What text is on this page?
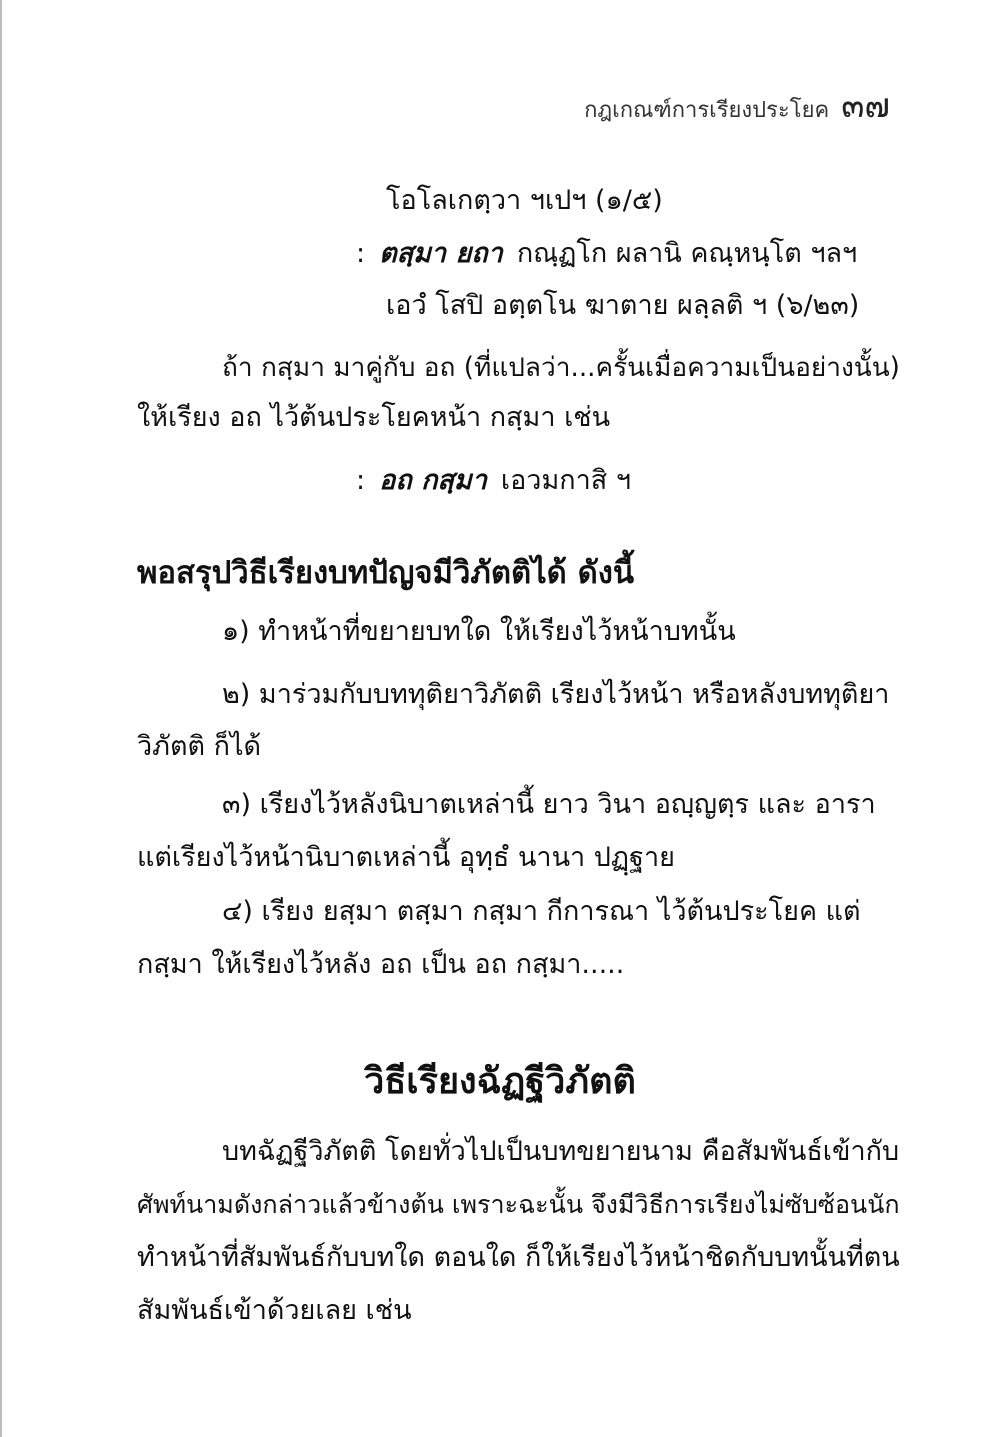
กฎเกณฑ์การเรียงประโยค ๓๗
โอโลเกตฺวา ฯเปฯ (๑/๕)
: ตสฺมา ยถา กณฺฏโก ผลานิ คณฺหนฺโต ฯลฯ
เอวํ โสปิ อตฺตโน ฆาตาย ผลฺลติ ฯ (๖/๒๓)
ถ้า กสฺมา มาคู่กับ อถ (ที่แปลว่า...ครั้นเมื่อความเป็นอย่างนั้น)
ให้เรียง อถ ไว้ต้นประโยคหน้า กสฺมา เช่น
: อถ กสฺมา เอวมกาสิ ฯ
พอสรุปวิธีเรียงบทปัญจมีวิภัตติได้ ดังนี้
๑) ทำหน้าที่ขยายบทใด ให้เรียงไว้หน้าบทนั้น
๒) มาร่วมกับบททุติยาวิภัตติ เรียงไว้หน้า หรือหลังบททุติยา
วิภัตติ ก็ได้
๓) เรียงไว้หลังนิบาตเหล่านี้ ยาว วินา อญฺญตฺร และ อารา
แต่เรียงไว้หน้านิบาตเหล่านี้ อุทฺธํ นานา ปฏฺฐาย
๔) เรียง ยสฺมา ตสฺมา กสฺมา กีการณา ไว้ต้นประโยค แต่
กสฺมา ให้เรียงไว้หลัง อถ เป็น อถ กสฺมา.....
วิธีเรียงฉัฏฐีวิภัตติ
บทฉัฏฐีวิภัตติ โดยทั่วไปเป็นบทขยายนาม คือสัมพันธ์เข้ากับ
ศัพท์นามดังกล่าวแล้วข้างต้น เพราะฉะนั้น จึงมีวิธีการเรียงไม่ซับซ้อนนัก
ทำหน้าที่สัมพันธ์กับบทใด ตอนใด ก็ให้เรียงไว้หน้าชิดกับบทนั้นที่ตน
สัมพันธ์เข้าด้วยเลย เช่น
